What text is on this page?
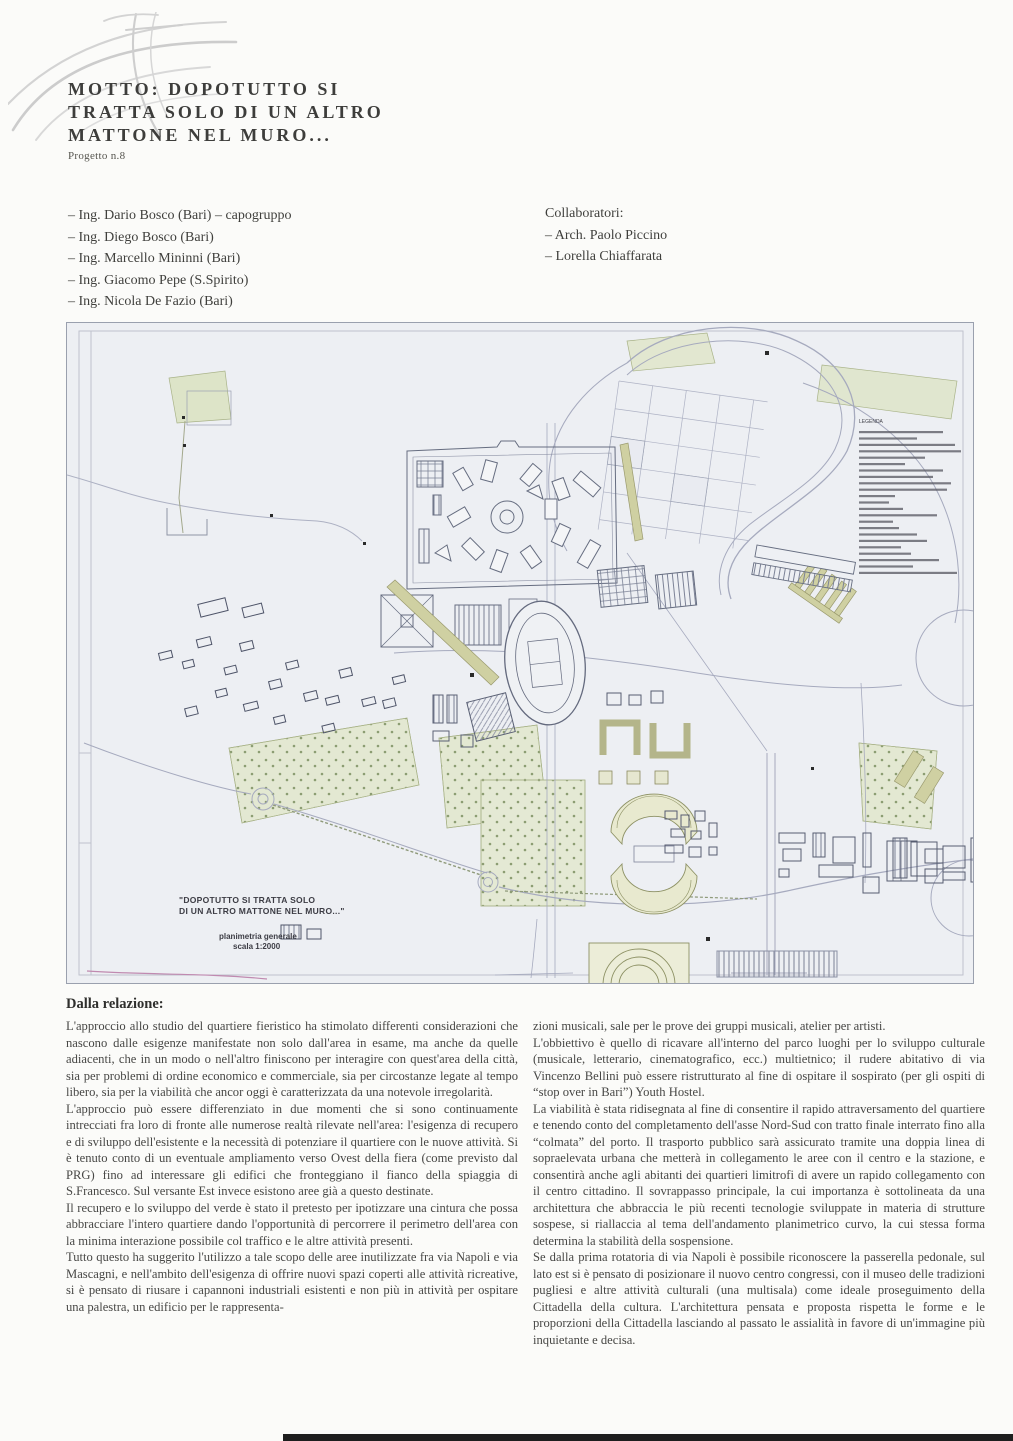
MOTTO: DOPOTUTTO SI
TRATTA SOLO DI UN ALTRO
MATTONE NEL MURO...
Progetto n.8
– Ing. Dario Bosco (Bari) – capogruppo
– Ing. Diego Bosco (Bari)
– Ing. Marcello Mininni (Bari)
– Ing. Giacomo Pepe (S.Spirito)
– Ing. Nicola De Fazio (Bari)
Collaboratori:
– Arch. Paolo Piccino
– Lorella Chiaffarata
LEGENDA
"DOPOTUTTO SI TRATTA SOLO
DI UN ALTRO MATTONE NEL MURO..."
planimetria generale
scala 1:2000
Dalla relazione:

L'approccio allo studio del quartiere fieristico ha stimolato differenti considerazioni che nascono dalle esigenze manifestate non solo dall'area in esame, ma anche da quelle adiacenti, che in un modo o nell'altro finiscono per interagire con quest'area della città, sia per problemi di ordine economico e commerciale, sia per circostanze legate al tempo libero, sia per la viabilità che ancor oggi è caratterizzata da una notevole irregolarità.

L'approccio può essere differenziato in due momenti che si sono continuamente intrecciati fra loro di fronte alle numerose realtà rilevate nell'area: l'esigenza di recupero e di sviluppo dell'esistente e la necessità di potenziare il quartiere con le nuove attività. Si è tenuto conto di un eventuale ampliamento verso Ovest della fiera (come previsto dal PRG) fino ad interessare gli edifici che fronteggiano il fianco della spiaggia di S.Francesco. Sul versante Est invece esistono aree già a questo destinate.

Il recupero e lo sviluppo del verde è stato il pretesto per ipotizzare una cintura che possa abbracciare l'intero quartiere dando l'opportunità di percorrere il perimetro dell'area con la minima interazione possibile col traffico e le altre attività presenti.

Tutto questo ha suggerito l'utilizzo a tale scopo delle aree inutilizzate fra via Napoli e via Mascagni, e nell'ambito dell'esigenza di offrire nuovi spazi coperti alle attività ricreative, si è pensato di riusare i capannoni industriali esistenti e non più in attività per ospitare una palestra, un edificio per le rappresenta-

zioni musicali, sale per le prove dei gruppi musicali, atelier per artisti.

L'obbiettivo è quello di ricavare all'interno del parco luoghi per lo sviluppo culturale (musicale, letterario, cinematografico, ecc.) multietnico; il rudere abitativo di via Vincenzo Bellini può essere ristrutturato al fine di ospitare il sospirato (per gli ospiti di “stop over in Bari”) Youth Hostel.

La viabilità è stata ridisegnata al fine di consentire il rapido attraversamento del quartiere e tenendo conto del completamento dell'asse Nord-Sud con tratto finale interrato fino alla “colmata” del porto. Il trasporto pubblico sarà assicurato tramite una doppia linea di sopraelevata urbana che metterà in collegamento le aree con il centro e la stazione, e consentirà anche agli abitanti dei quartieri limitrofi di avere un rapido collegamento con il centro cittadino. Il sovrappasso principale, la cui importanza è sottolineata da una architettura che abbraccia le più recenti tecnologie sviluppate in materia di strutture sospese, si riallaccia al tema dell'andamento planimetrico curvo, la cui stessa forma determina la stabilità della sospensione.

Se dalla prima rotatoria di via Napoli è possibile riconoscere la passerella pedonale, sul lato est si è pensato di posizionare il nuovo centro congressi, con il museo delle tradizioni pugliesi e altre attività culturali (una multisala) come ideale proseguimento della Cittadella della cultura. L'architettura pensata e proposta rispetta le forme e le proporzioni della Cittadella lasciando al passato le assialità in favore di un'immagine più inquietante e decisa.
